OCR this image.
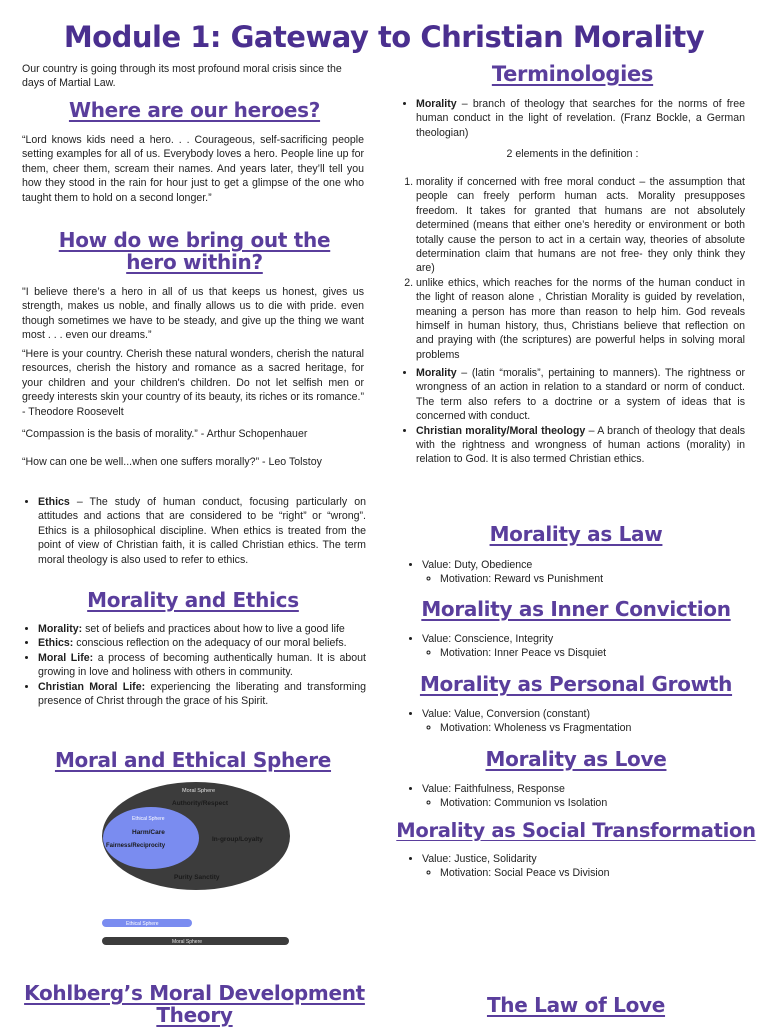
Module 1: Gateway to Christian Morality

Our country is going through its most profound moral crisis since the days of Martial Law.

Where are our heroes?

“Lord knows kids need a hero. . . Courageous, self-sacrificing people setting examples for all of us. Everybody loves a hero. People line up for them, cheer them, scream their names. And years later, they’ll tell you how they stood in the rain for hour just to get a glimpse of the one who taught them to hold on a second longer.”

How do we bring out the
hero within?

"I believe there’s a hero in all of us that keeps us honest, gives us strength, makes us noble, and finally allows us to die with pride. even though sometimes we have to be steady, and give up the thing we want most . . . even our dreams.”

“Here is your country. Cherish these natural wonders, cherish the natural resources, cherish the history and romance as a sacred heritage, for your children and your children's children. Do not let selfish men or greedy interests skin your country of its beauty, its riches or its romance.” - Theodore Roosevelt

“Compassion is the basis of morality.” - Arthur Schopenhauer

“How can one be well...when one suffers morally?” - Leo Tolstoy

• Ethics – The study of human conduct, focusing particularly on attitudes and actions that are considered to be “right” or “wrong”. Ethics is a philosophical discipline. When ethics is treated from the point of view of Christian faith, it is called Christian ethics. The term moral theology is also used to refer to ethics.
Morality and Ethics
• Morality: set of beliefs and practices about how to live a good life
• Ethics: conscious reflection on the adequacy of our moral beliefs.
• Moral Life: a process of becoming authentically human. It is about growing in love and holiness with others in community.
• Christian Moral Life: experiencing the liberating and transforming presence of Christ through the grace of his Spirit.
Moral and Ethical Sphere
Moral Sphere
Authority/Respect
Ethical Sphere
Harm/Care
Fairness/Reciprocity
In-group/Loyalty
Purity Sanctity
Ethical Sphere
Moral Sphere
Kohlberg’s Moral Development
Theory
Terminologies
• Morality – branch of theology that searches for the norms of free human conduct in the light of revelation. (Franz Bockle, a German theologian)

2 elements in the definition :

1. morality if concerned with free moral conduct – the assumption that people can freely perform human acts. Morality presupposes freedom. It takes for granted that humans are not absolutely determined (means that either one’s heredity or environment or both totally cause the person to act in a certain way, theories of absolute determination claim that humans are not free- they only think they are)
2. unlike ethics, which reaches for the norms of the human conduct in the light of reason alone , Christian Morality is guided by revelation, meaning a person has more than reason to help him. God reveals himself in human history, thus, Christians believe that reflection on and praying with (the scriptures) are powerful helps in solving moral problems
• Morality – (latin “moralis”, pertaining to manners). The rightness or wrongness of an action in relation to a standard or norm of conduct. The term also refers to a doctrine or a system of ideas that is concerned with conduct.
• Christian morality/Moral theology – A branch of theology that deals with the rightness and wrongness of human actions (morality) in relation to God. It is also termed Christian ethics.
Morality as Law
• Value: Duty, Obedience
◦ Motivation: Reward vs Punishment
Morality as Inner Conviction
• Value: Conscience, Integrity
◦ Motivation: Inner Peace vs Disquiet
Morality as Personal Growth
• Value: Value, Conversion (constant)
◦ Motivation: Wholeness vs Fragmentation
Morality as Love
• Value: Faithfulness, Response
◦ Motivation: Communion vs Isolation
Morality as Social Transformation
• Value: Justice, Solidarity
◦ Motivation: Social Peace vs Division
The Law of Love
